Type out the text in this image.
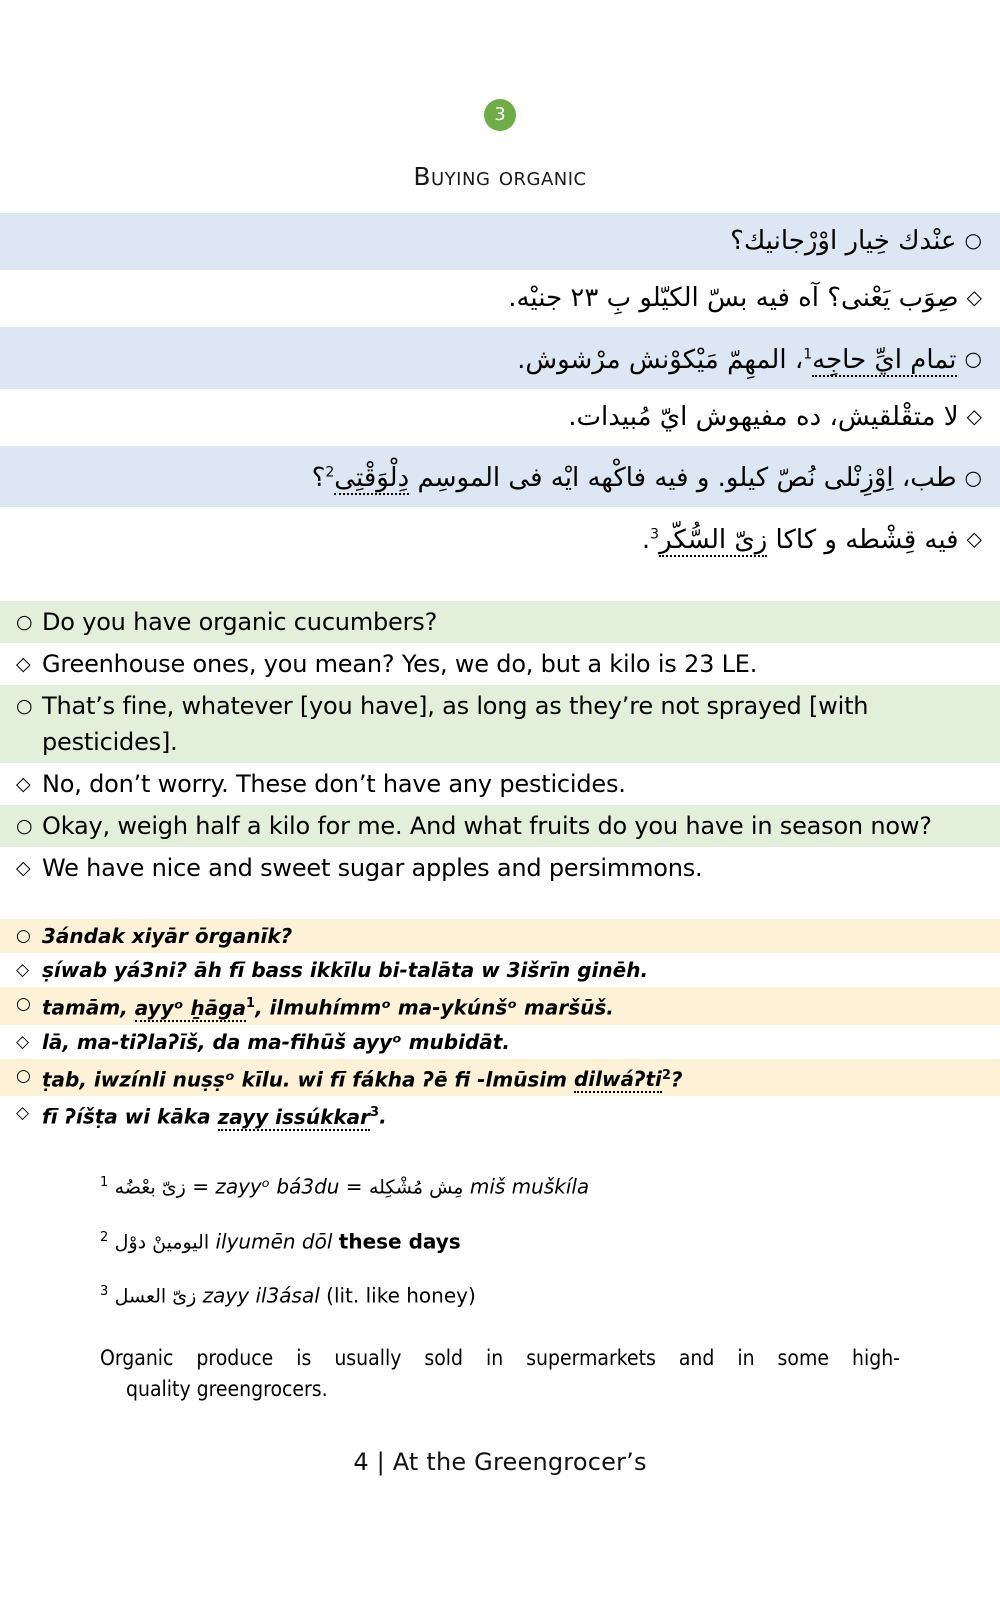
3
Buying organic
○عنْدك خِيار اوْرْجانيك؟
◇صِوَب يَعْنى؟ آه فيه بسّ الكيّلو بِ ٢٣ جنيْه.
○تمام ايِّ حاجِه$^1$، المهِمّ مَيْكوْنش مرْشوش.
◇لا متقْلقيش، ده مفيهوش ايّ مُبيدات.
○طب، اِوْزِنْلى نُصّ كيلو. و فيه فاكْهه ايْه فى الموسِم دِلْوَقْتِى$^2$؟
◇فيه قِشْطه و كاكا زىّ السُّكّر$^3$.
○ Do you have organic cucumbers?
◇ Greenhouse ones, you mean? Yes, we do, but a kilo is 23 LE.
○ That’s fine, whatever [you have], as long as they’re not sprayed [with pesticides].
◇ No, don’t worry. These don’t have any pesticides.
○ Okay, weigh half a kilo for me. And what fruits do you have in season now?
◇ We have nice and sweet sugar apples and persimmons.
○ 3ándak xiyār ōrganīk?
◇ ṣíwab yá3ni? āh fī bass ikkīlu bi-talāta w 3išrīn ginēh.
○ tamām, ayyᵒ ẖāga$^1$, ilmuhímmᵒ ma-ykúnšᵒ maršūš.
◇ lā, ma-tiʔlaʔīš, da ma-fihūš ayyᵒ mubidāt.
○ ṭab, iwzínli nuṣṣᵒ kīlu. wi fī fákha ʔē fi -lmūsim dilwáʔti$^2$?
◇ fī ʔíšṭa wi kāka zayy issúkkar$^3$.
$^1$ زىّ بعْضُه = zayyᵒ bá3du = مِش مُشْكِله miš muškíla
$^2$ اليومينْ دوْل ilyumēn dōl these days
$^3$ زىّ العسل zayy il3ásal (lit. like honey)
Organic produce is usually sold in supermarkets and in some high-
quality greengrocers.
4 | At the Greengrocer’s
